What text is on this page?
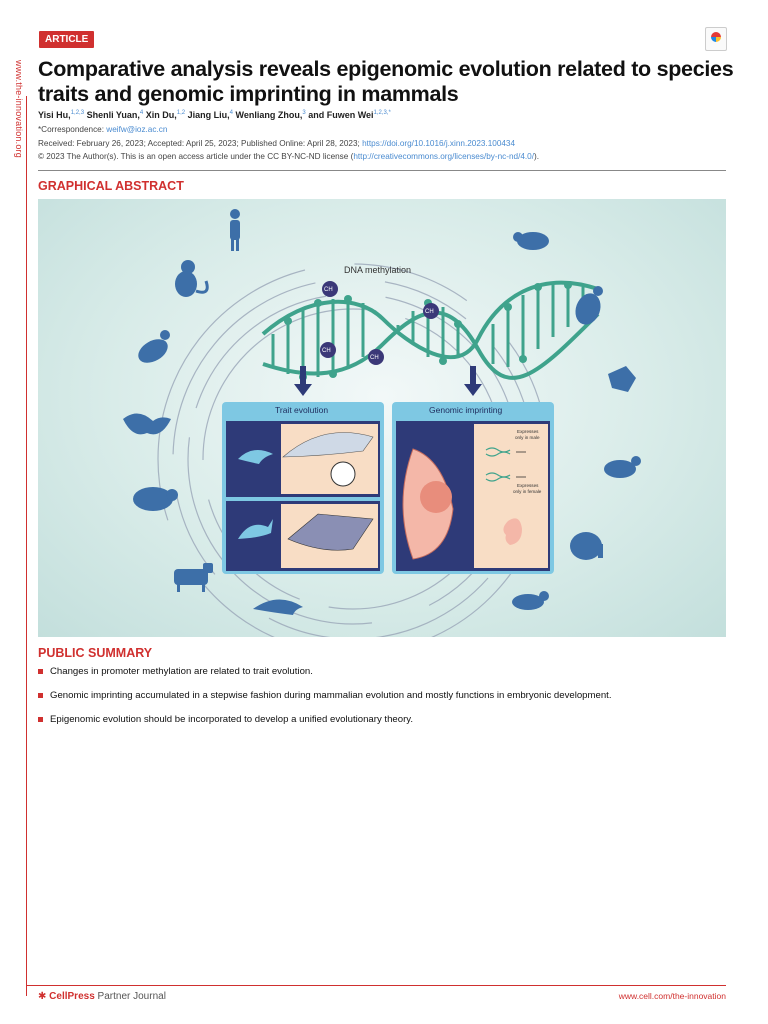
www.the-innovation.org
ARTICLE
Comparative analysis reveals epigenomic evolution related to species traits and genomic imprinting in mammals
Yisi Hu,$^{1,2,3}$ Shenli Yuan,$^4$ Xin Du,$^{1,2}$ Jiang Liu,$^4$ Wenliang Zhou,$^3$ and Fuwen Wei$^{1,2,3,*}$
*Correspondence: weifw@ioz.ac.cn
Received: February 26, 2023; Accepted: April 25, 2023; Published Online: April 28, 2023; https://doi.org/10.1016/j.xinn.2023.100434
© 2023 The Author(s). This is an open access article under the CC BY-NC-ND license (http://creativecommons.org/licenses/by-nc-nd/4.0/).
GRAPHICAL ABSTRACT
DNA methylation
CH
CH
CH
CH
Trait evolution	Genomic imprinting
Expresses
only in male
Expresses
only in female
PUBLIC SUMMARY
Changes in promoter methylation are related to trait evolution.
Genomic imprinting accumulated in a stepwise fashion during mammalian evolution and mostly functions in embryonic development.
Epigenomic evolution should be incorporated to develop a unified evolutionary theory.
✱ CellPress Partner Journal	www.cell.com/the-innovation
